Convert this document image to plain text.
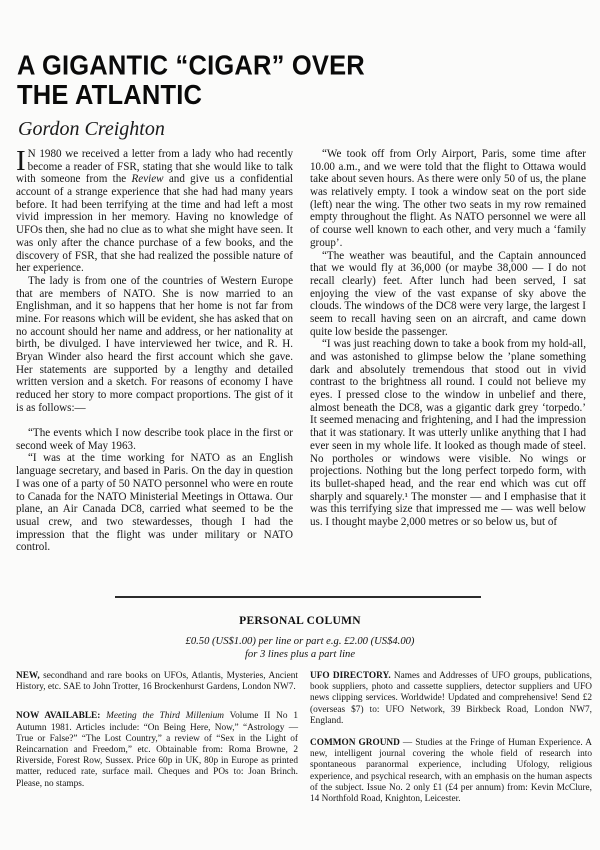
A GIGANTIC “CIGAR” OVER
THE ATLANTIC
Gordon Creighton

I N 1980 we received a letter from a lady who had recently become a reader of FSR, stating that she would like to talk with someone from the Review and give us a confidential account of a strange experience that she had had many years before. It had been terrifying at the time and had left a most vivid impression in her memory. Having no knowledge of UFOs then, she had no clue as to what she might have seen. It was only after the chance purchase of a few books, and the discovery of FSR, that she had realized the possible nature of her experience.

The lady is from one of the countries of Western Europe that are members of NATO. She is now married to an Englishman, and it so happens that her home is not far from mine. For reasons which will be evident, she has asked that on no account should her name and address, or her nationality at birth, be divulged. I have interviewed her twice, and R. H. Bryan Winder also heard the first account which she gave. Her statements are supported by a lengthy and detailed written version and a sketch. For reasons of economy I have reduced her story to more compact proportions. The gist of it is as follows:—

“The events which I now describe took place in the first or second week of May 1963.

“I was at the time working for NATO as an English language secretary, and based in Paris. On the day in question I was one of a party of 50 NATO personnel who were en route to Canada for the NATO Ministerial Meetings in Ottawa. Our plane, an Air Canada DC8, carried what seemed to be the usual crew, and two stewardesses, though I had the impression that the flight was under military or NATO control.

“We took off from Orly Airport, Paris, some time after 10.00 a.m., and we were told that the flight to Ottawa would take about seven hours. As there were only 50 of us, the plane was relatively empty. I took a window seat on the port side (left) near the wing. The other two seats in my row remained empty throughout the flight. As NATO personnel we were all of course well known to each other, and very much a ‘family group’.

“The weather was beautiful, and the Captain announced that we would fly at 36,000 (or maybe 38,000 — I do not recall clearly) feet. After lunch had been served, I sat enjoying the view of the vast expanse of sky above the clouds. The windows of the DC8 were very large, the largest I seem to recall having seen on an aircraft, and came down quite low beside the passenger.

“I was just reaching down to take a book from my hold-all, and was astonished to glimpse below the ’plane something dark and absolutely tremendous that stood out in vivid contrast to the brightness all round. I could not believe my eyes. I pressed close to the window in unbelief and there, almost beneath the DC8, was a gigantic dark grey ‘torpedo.’ It seemed menacing and frightening, and I had the impression that it was stationary. It was utterly unlike anything that I had ever seen in my whole life. It looked as though made of steel. No portholes or windows were visible. No wings or projections. Nothing but the long perfect torpedo form, with its bullet-shaped head, and the rear end which was cut off sharply and squarely.¹ The monster — and I emphasise that it was this terrifying size that impressed me — was well below us. I thought maybe 2,000 metres or so below us, but of

PERSONAL COLUMN
£0.50 (US$1.00) per line or part e.g. £2.00 (US$4.00)
for 3 lines plus a part line

NEW, secondhand and rare books on UFOs, Atlantis, Mysteries, Ancient History, etc. SAE to John Trotter, 16 Brockenhurst Gardens, London NW7.

NOW AVAILABLE: Meeting the Third Millenium Volume II No 1 Autumn 1981. Articles include: “On Being Here, Now,” “Astrology — True or False?” “The Lost Country,” a review of “Sex in the Light of Reincarnation and Freedom,” etc. Obtainable from: Roma Browne, 2 Riverside, Forest Row, Sussex. Price 60p in UK, 80p in Europe as printed matter, reduced rate, surface mail. Cheques and POs to: Joan Brinch. Please, no stamps.

UFO DIRECTORY. Names and Addresses of UFO groups, publications, book suppliers, photo and cassette suppliers, detector suppliers and UFO news clipping services. Worldwide! Updated and comprehensive! Send £2 (overseas $7) to: UFO Network, 39 Birkbeck Road, London NW7, England.

COMMON GROUND — Studies at the Fringe of Human Experience. A new, intelligent journal covering the whole field of research into spontaneous paranormal experience, including Ufology, religious experience, and psychical research, with an emphasis on the human aspects of the subject. Issue No. 2 only £1 (£4 per annum) from: Kevin McClure, 14 Northfold Road, Knighton, Leicester.
